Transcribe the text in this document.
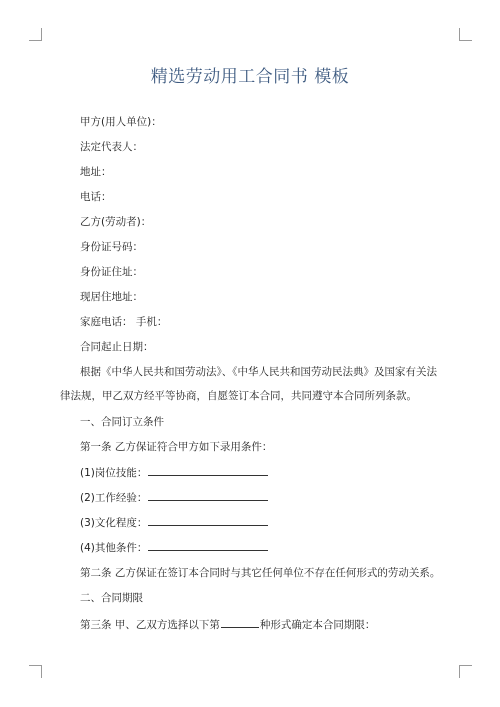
精选劳动用工合同书 模板
甲方(用人单位)：
法定代表人：
地址：
电话：
乙方(劳动者)：
身份证号码：
身份证住址：
现居住地址：
家庭电话： 手机：
合同起止日期：
根据《中华人民共和国劳动法》、《中华人民共和国劳动民法典》及国家有关法
律法规，甲乙双方经平等协商，自愿签订本合同，共同遵守本合同所列条款。
一、合同订立条件
第一条 乙方保证符合甲方如下录用条件：
(1)岗位技能：
(2)工作经验：
(3)文化程度：
(4)其他条件：
第二条 乙方保证在签订本合同时与其它任何单位不存在任何形式的劳动关系。
二、合同期限
第三条 甲、乙双方选择以下第	种形式确定本合同期限：
